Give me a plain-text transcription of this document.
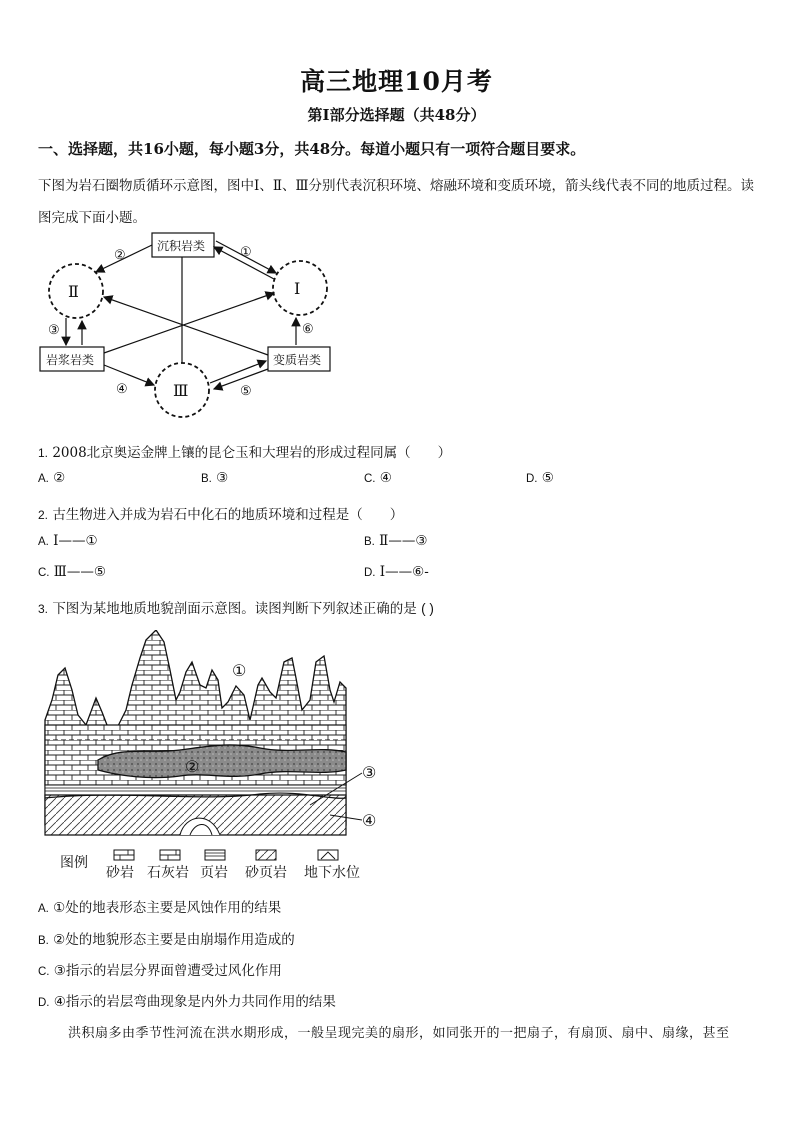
高三地理10月考
第Ⅰ部分选择题（共48分）
一、选择题，共16小题，每小题3分，共48分。每道小题只有一项符合题目要求。
下图为岩石圈物质循环示意图，图中Ⅰ、Ⅱ、Ⅲ分别代表沉积环境、熔融环境和变质环境，箭头线代表不同的地质过程。读图完成下面小题。
沉积岩类
岩浆岩类	变质岩类
Ⅱ	Ⅰ
Ⅲ
①
②
③
④	⑤
⑥
1. 2008北京奥运金牌上镶的昆仑玉和大理岩的形成过程同属（　　）
A. ②	B. ③	C. ④	D. ⑤
2. 古生物进入并成为岩石中化石的地质环境和过程是（　　）
A. Ⅰ——①	B. Ⅱ——③
C. Ⅲ——⑤	D. Ⅰ——⑥-
3. 下图为某地地质地貌剖面示意图。读图判断下列叙述正确的是 ( )
①
②	③
④
图例
砂岩 石灰岩 页岩 砂页岩 地下水位
A. ①处的地表形态主要是风蚀作用的结果
B. ②处的地貌形态主要是由崩塌作用造成的
C. ③指示的岩层分界面曾遭受过风化作用
D. ④指示的岩层弯曲现象是内外力共同作用的结果
洪积扇多由季节性河流在洪水期形成，一般呈现完美的扇形，如同张开的一把扇子，有扇顶、扇中、扇缘，甚至
